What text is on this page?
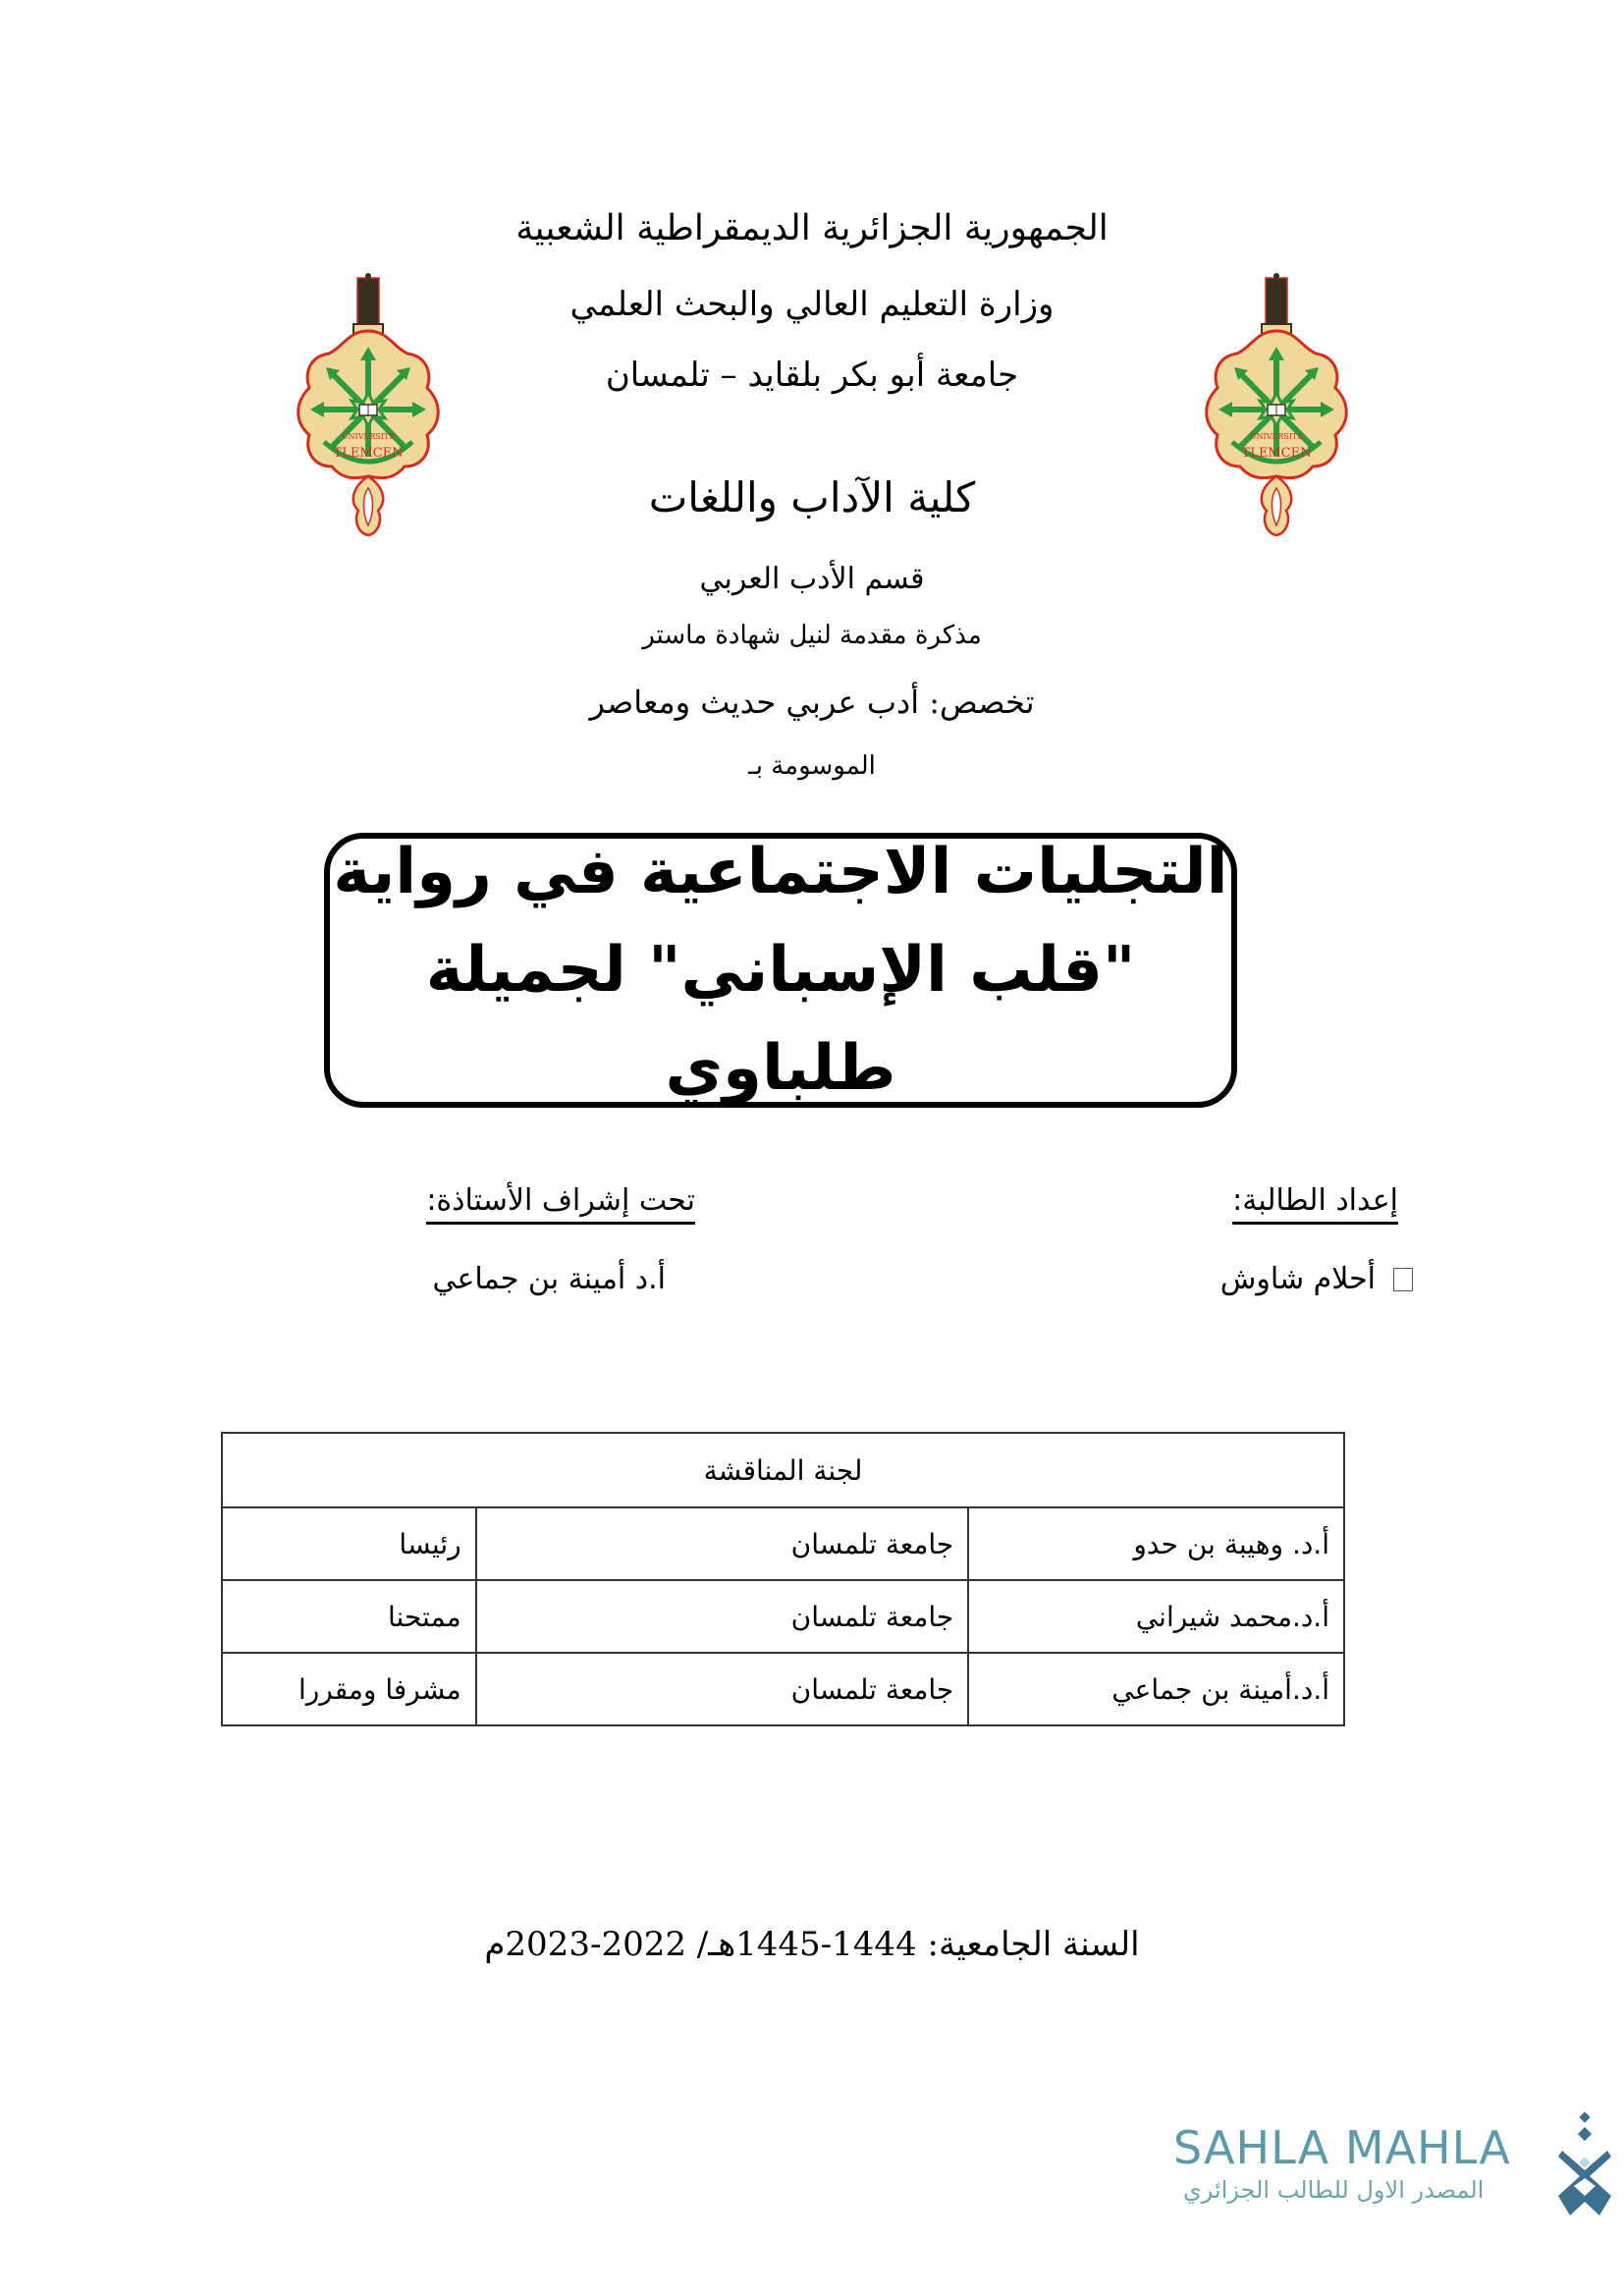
الجمهورية الجزائرية الديمقراطية الشعبية
وزارة التعليم العالي والبحث العلمي
جامعة أبو بكر بلقايد – تلمسان
كلية الآداب واللغات
قسم الأدب العربي
مذكرة مقدمة لنيل شهادة ماستر
تخصص: أدب عربي حديث ومعاصر
الموسومة بـ
UNIVERSITE
TLEMCEN
UNIVERSITE
TLEMCEN
التجليات الاجتماعية في رواية
"قلب الإسباني" لجميلة طلباوي
إعداد الطالبة:
تحت إشراف الأستاذة:
أحلام شاوش
أ.د أمينة بن جماعي
لجنة المناقشة		
أ.د. وهيبة بن حدو	جامعة تلمسان	رئيسا
أ.د.محمد شيراني	جامعة تلمسان	ممتحنا
أ.د.أمينة بن جماعي	جامعة تلمسان	مشرفا ومقررا
السنة الجامعية: 1444-1445هـ/ 2022-2023م
SAHLA MAHLA
المصدر الاول للطالب الجزائري
